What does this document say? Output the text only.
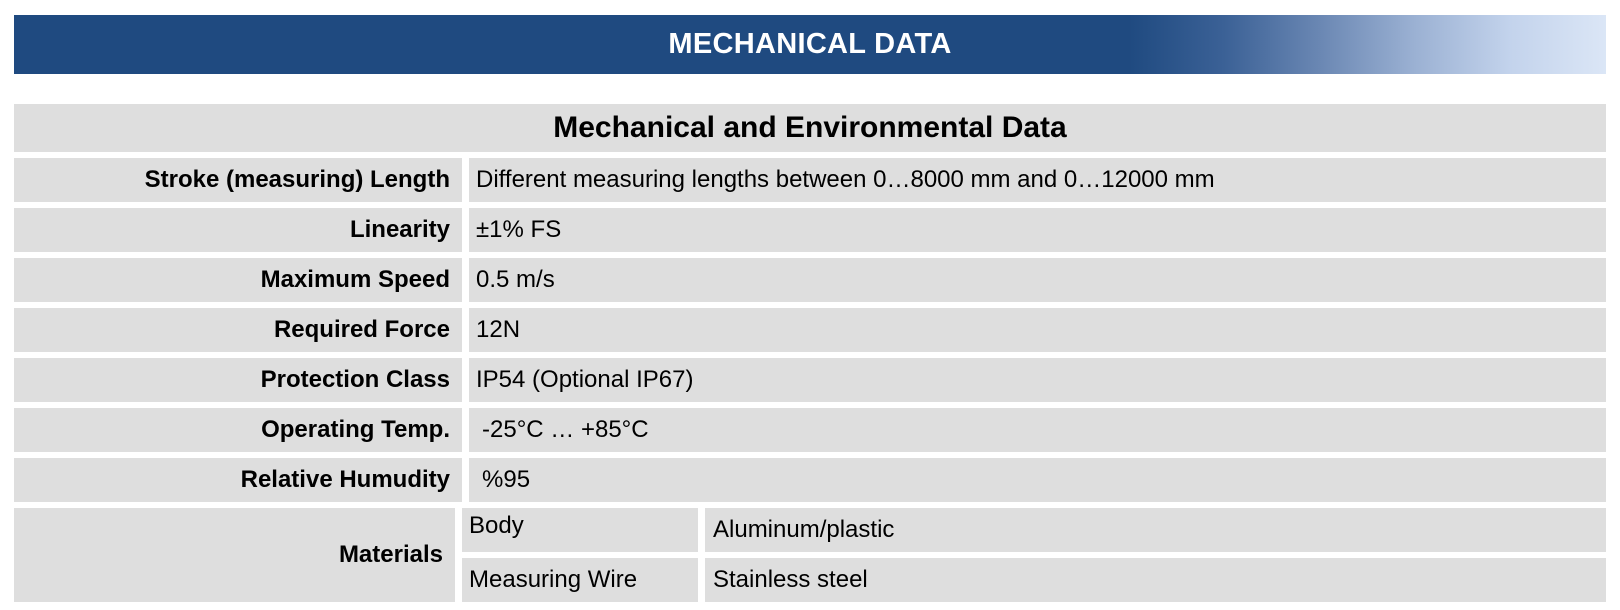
MECHANICAL DATA
Mechanical and Environmental Data
Stroke (measuring) Length	Different measuring lengths between 0…8000 mm and 0…12000 mm
Linearity	±1% FS
Maximum Speed	0.5 m/s
Required Force	12N
Protection Class	IP54 (Optional IP67)
Operating Temp.	-25°C … +85°C
Relative Humudity	%95
Materials
Body	Aluminum/plastic
Measuring Wire	Stainless steel
